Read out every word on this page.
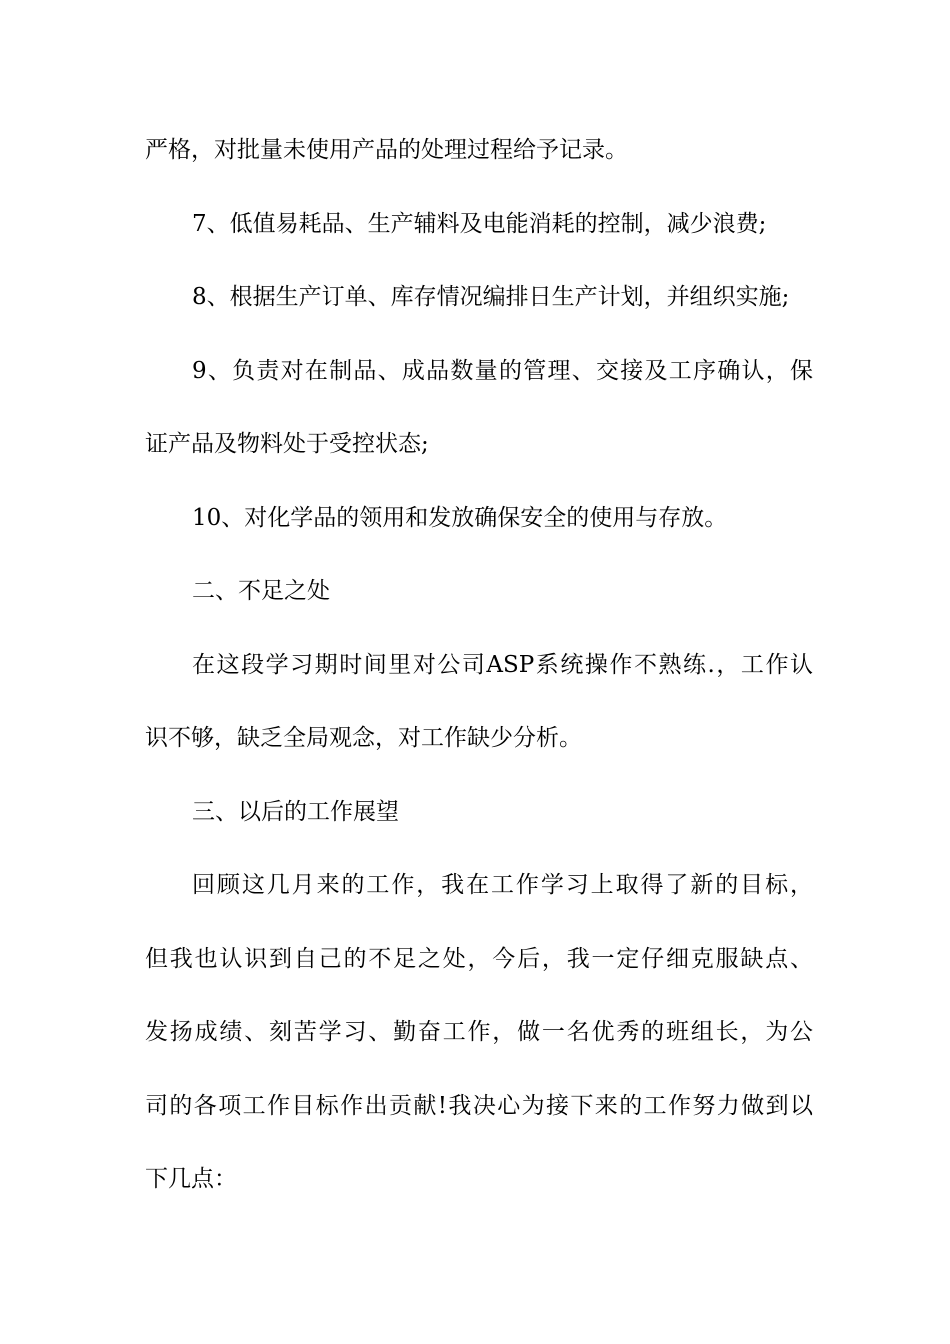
严格，对批量未使用产品的处理过程给予记录。
7、低值易耗品、生产辅料及电能消耗的控制，减少浪费;
8、根据生产订单、库存情况编排日生产计划，并组织实施;
9、负责对在制品、成品数量的管理、交接及工序确认，保
证产品及物料处于受控状态;
10、对化学品的领用和发放确保安全的使用与存放。
二、不足之处
在这段学习期时间里对公司ASP系统操作不熟练.，工作认
识不够，缺乏全局观念，对工作缺少分析。
三、以后的工作展望
回顾这几月来的工作，我在工作学习上取得了新的目标，
但我也认识到自己的不足之处，今后，我一定仔细克服缺点、
发扬成绩、刻苦学习、勤奋工作，做一名优秀的班组长，为公
司的各项工作目标作出贡献!我决心为接下来的工作努力做到以
下几点：
